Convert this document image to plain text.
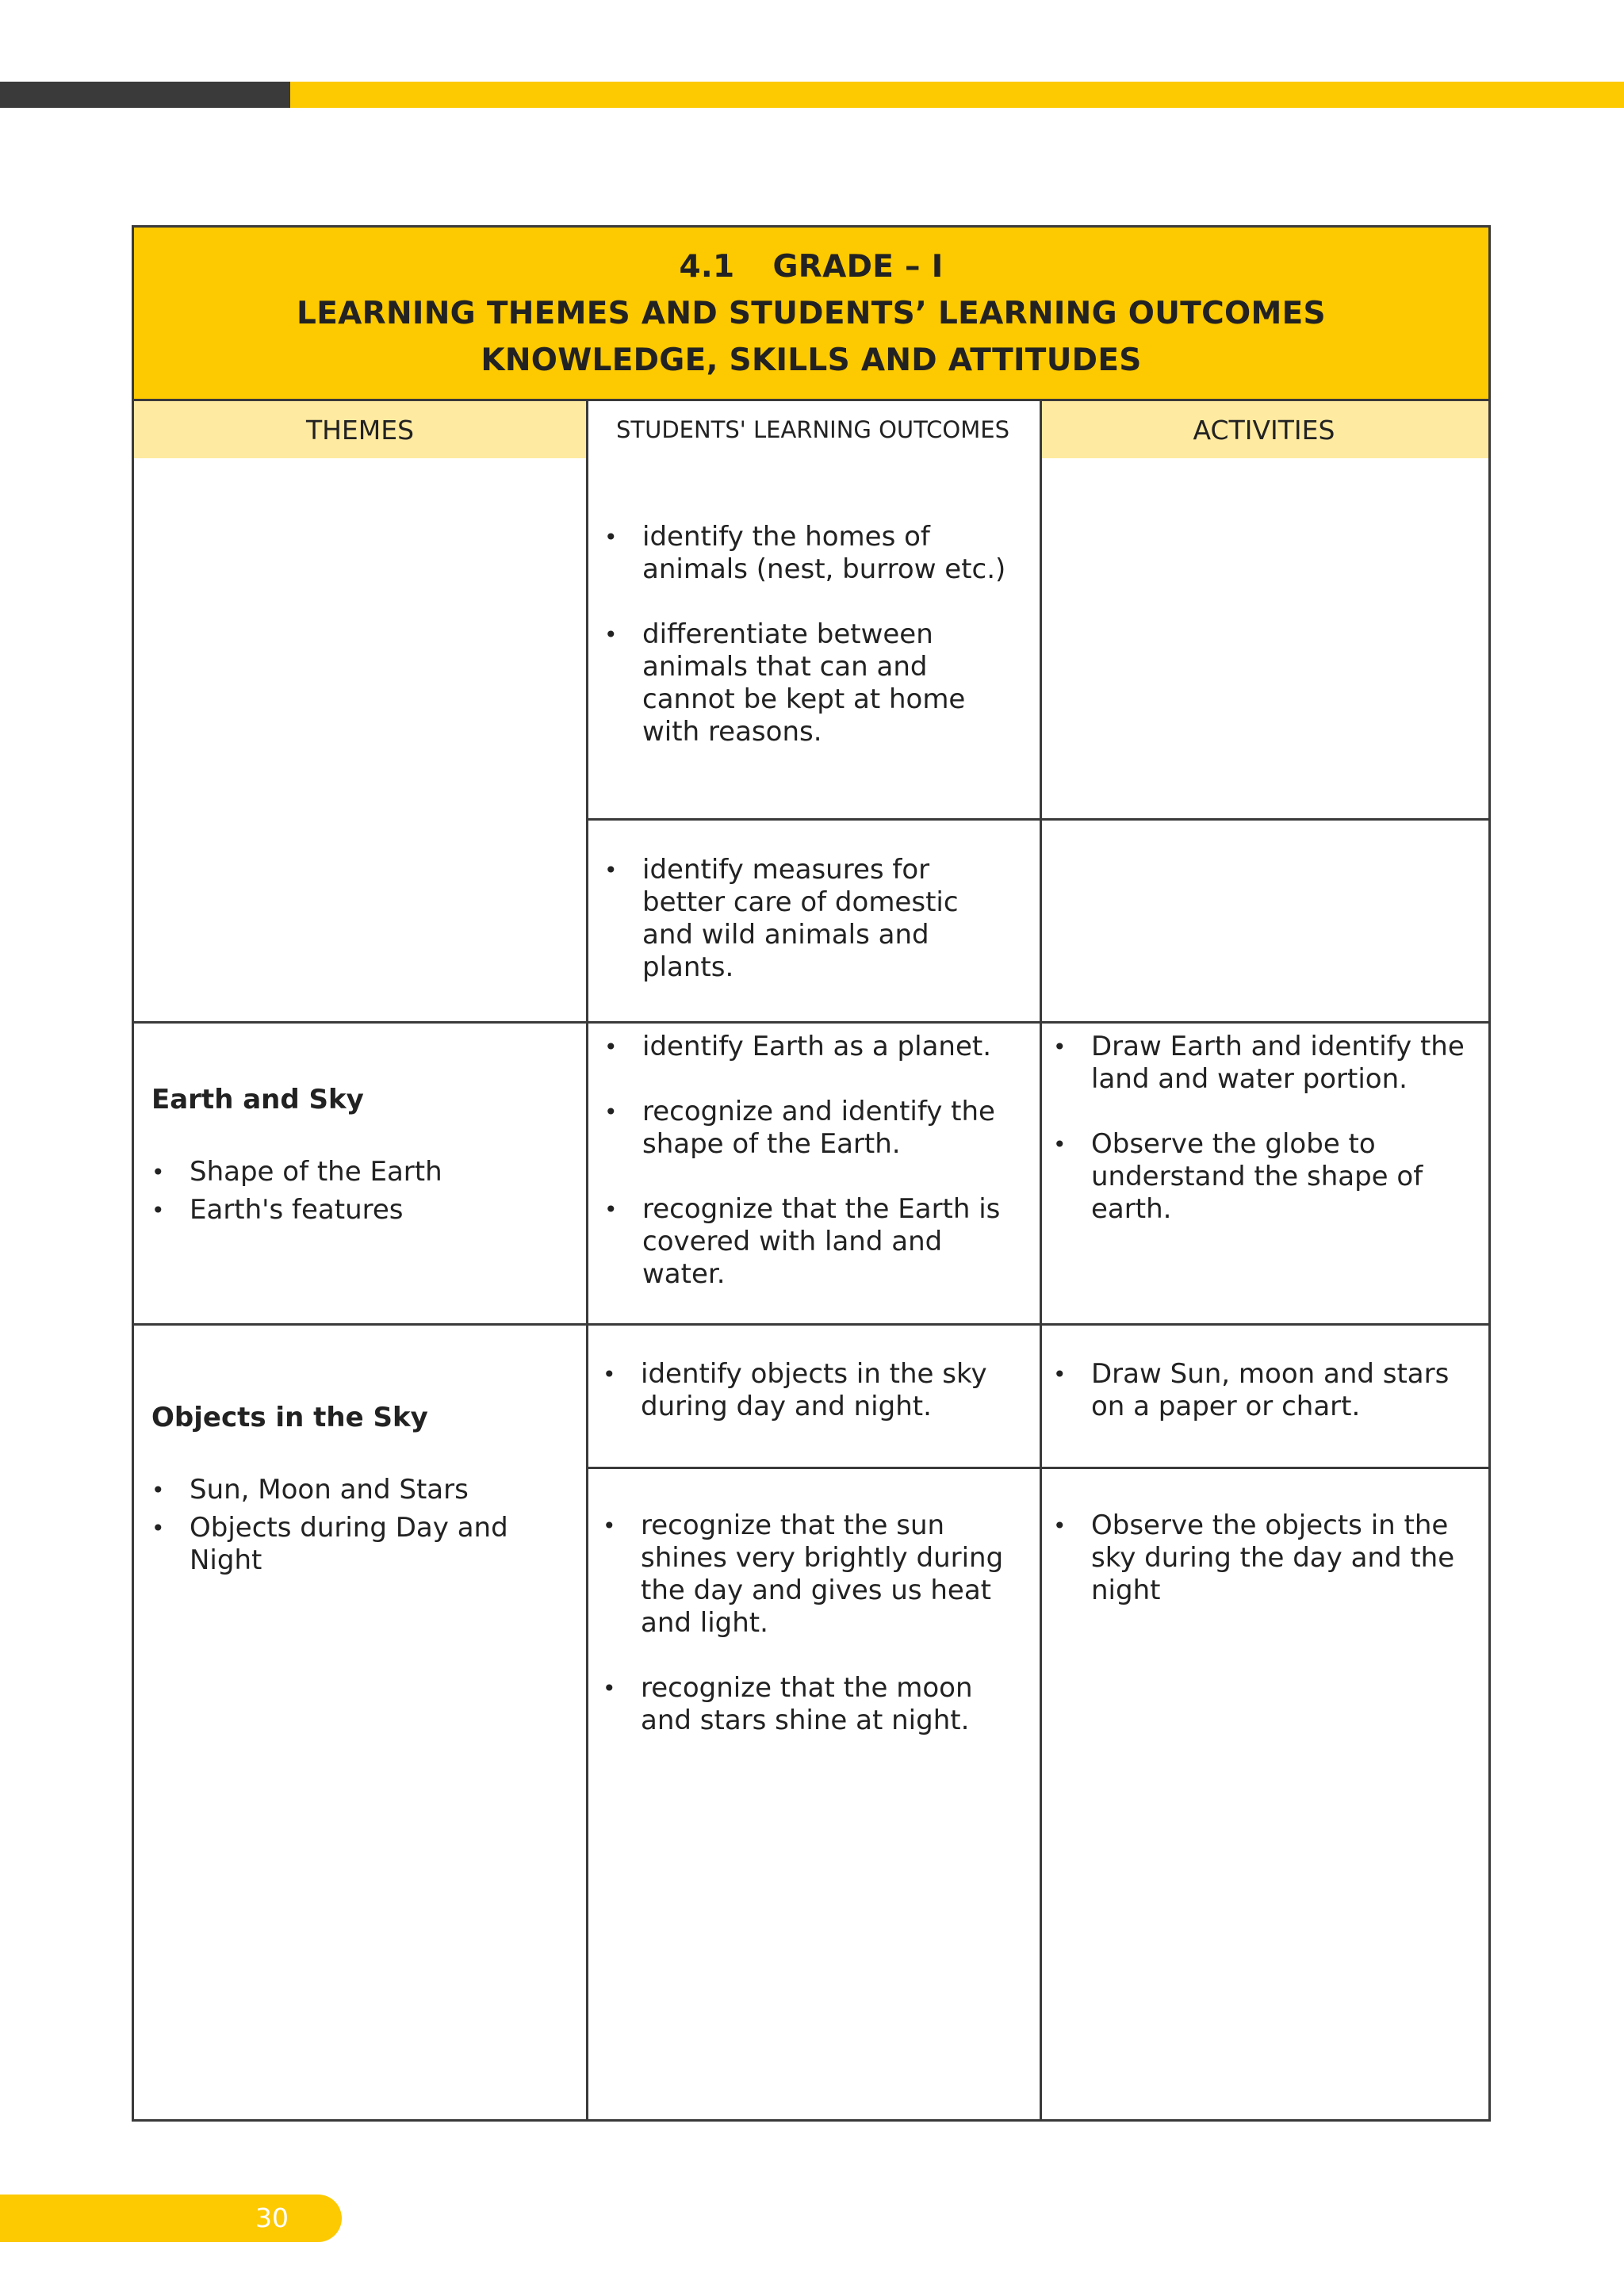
4.1 GRADE – I
LEARNING THEMES AND STUDENTS’ LEARNING OUTCOMES
KNOWLEDGE, SKILLS AND ATTITUDES
THEMES	STUDENTS' LEARNING OUTCOMES	ACTIVITIES
• identify the homes of animals (nest, burrow etc.)
• differentiate between animals that can and cannot be kept at home with reasons.
• identify measures for better care of domestic and wild animals and plants.
Earth and Sky
• Shape of the Earth
• Earth's features
• identify Earth as a planet.
• recognize and identify the shape of the Earth.
• recognize that the Earth is covered with land and water.
• Draw Earth and identify the land and water portion.
• Observe the globe to understand the shape of earth.
Objects in the Sky
• Sun, Moon and Stars
• Objects during Day and Night
• identify objects in the sky during day and night.
• Draw Sun, moon and stars on a paper or chart.
• recognize that the sun shines very brightly during the day and gives us heat and light.
• recognize that the moon and stars shine at night.
• Observe the objects in the sky during the day and the night
30
